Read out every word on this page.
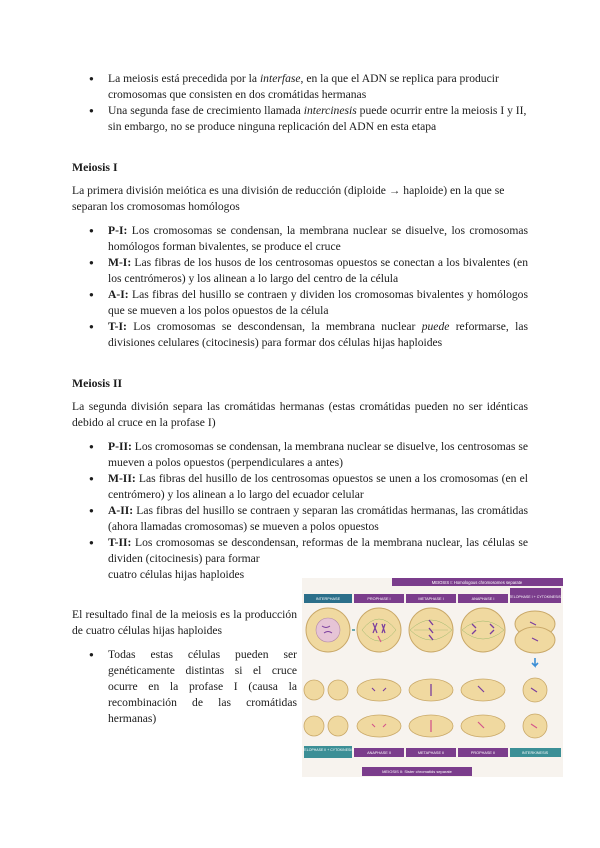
● La meiosis está precedida por la interfase, en la que el ADN se replica para producir cromosomas que consisten en dos cromátidas hermanas
● Una segunda fase de crecimiento llamada intercinesis puede ocurrir entre la meiosis I y II, sin embargo, no se produce ninguna replicación del ADN en esta etapa
Meiosis I

La primera división meiótica es una división de reducción (diploide → haploide) en la que se separan los cromosomas homólogos

● P-I: Los cromosomas se condensan, la membrana nuclear se disuelve, los cromosomas homólogos forman bivalentes, se produce el cruce
● M-I: Las fibras de los husos de los centrosomas opuestos se conectan a los bivalentes (en los centrómeros) y los alinean a lo largo del centro de la célula
● A-I: Las fibras del husillo se contraen y dividen los cromosomas bivalentes y homólogos que se mueven a los polos opuestos de la célula
● T-I: Los cromosomas se descondensan, la membrana nuclear puede reformarse, las divisiones celulares (citocinesis) para formar dos células hijas haploides
Meiosis II

La segunda división separa las cromátidas hermanas (estas cromátidas pueden no ser idénticas debido al cruce en la profase I)

● P-II: Los cromosomas se condensan, la membrana nuclear se disuelve, los centrosomas se mueven a polos opuestos (perpendiculares a antes)
● M-II: Las fibras del husillo de los centrosomas opuestos se unen a los cromosomas (en el centrómero) y los alinean a lo largo del ecuador celular
● A-II: Las fibras del husillo se contraen y separan las cromátidas hermanas, las cromátidas (ahora llamadas cromosomas) se mueven a polos opuestos
● T-II: Los cromosomas se descondensan, reformas de la membrana nuclear, las células se dividen (citocinesis) para formar
cuatro células hijas haploides

El resultado final de la meiosis es la producción de cuatro células hijas haploides

● Todas estas células pueden ser genéticamente distintas si el cruce ocurre en la profase I (causa la recombinación de las cromátidas hermanas)
MEIOSIS I: Homologous chromosomes separate
INTERPHASE	PROPHASE I	METAPHASE I	ANAPHASE I	TELOPHASE I + CYTOKINESIS
TELOPHASE II + CYTOKINESIS
ANAPHASE II	METAPHASE II	PROPHASE II	INTERKINESIS
MEIOSIS II: Sister chromatids separate
